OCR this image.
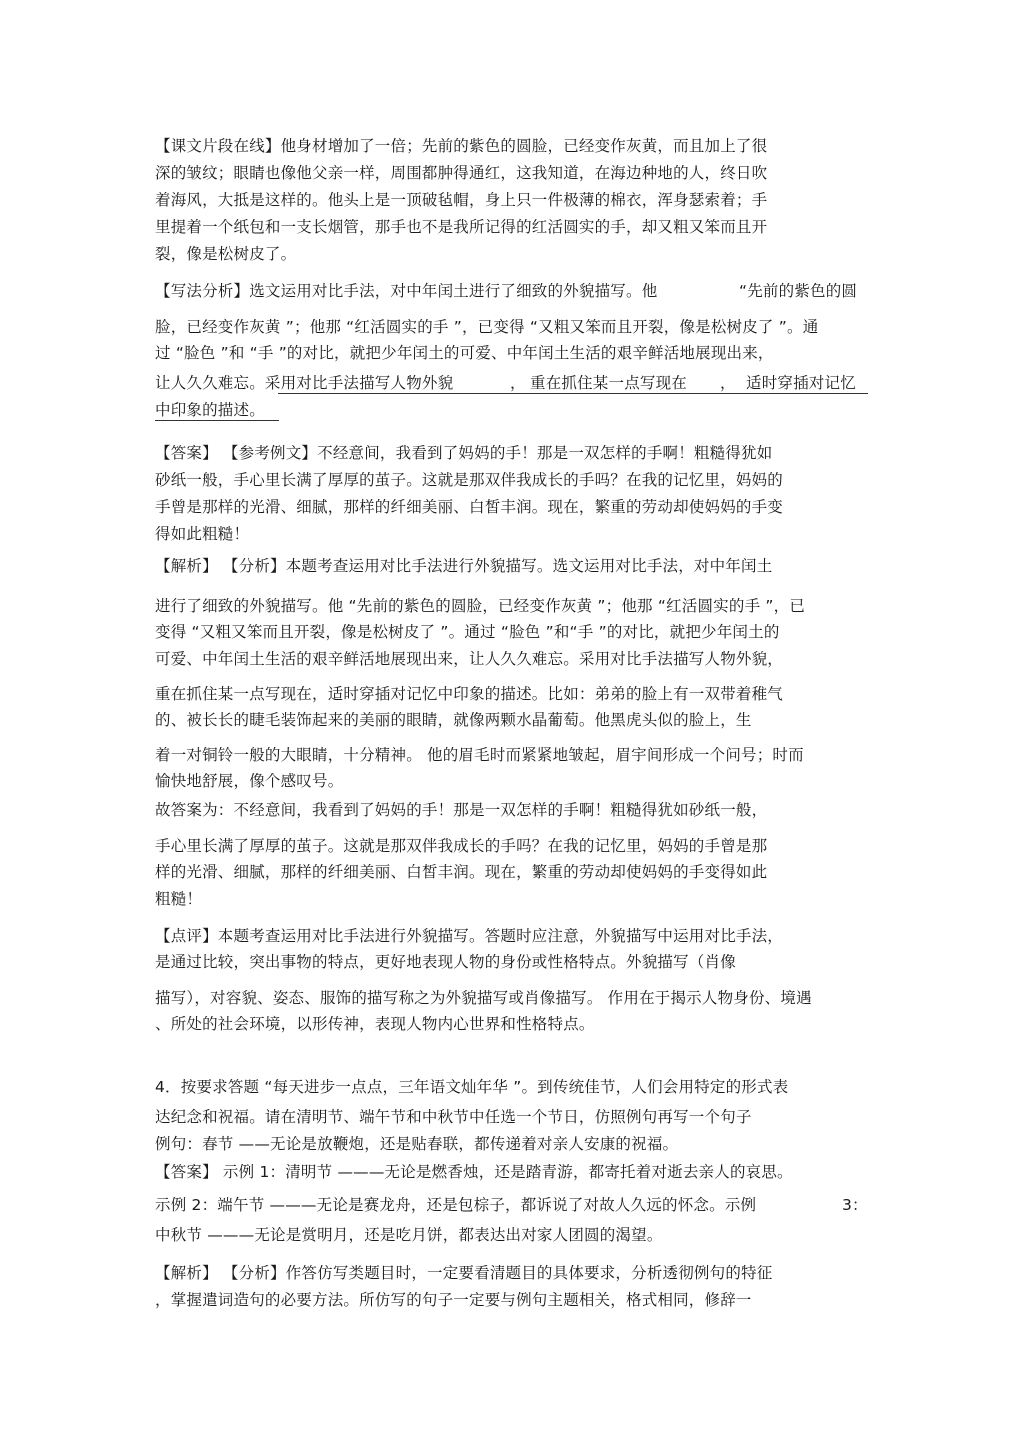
【课文片段在线】他身材增加了一倍；先前的紫色的圆脸，已经变作灰黄，而且加上了很
深的皱纹；眼睛也像他父亲一样，周围都肿得通红，这我知道，在海边种地的人，终日吹
着海风，大抵是这样的。他头上是一顶破毡帽，身上只一件极薄的棉衣，浑身瑟索着；手
里提着一个纸包和一支长烟管，那手也不是我所记得的红活圆实的手，却又粗又笨而且开
裂，像是松树皮了。
【写法分析】选文运用对比手法，对中年闰土进行了细致的外貌描写。他	“先前的紫色的圆
脸，已经变作灰黄 ”；他那 “红活圆实的手 ”，已变得 “又粗又笨而且开裂，像是松树皮了 ”。通
过 “脸色 ”和 “手 ”的对比，就把少年闰土的可爱、中年闰土生活的艰辛鲜活地展现出来，
让人久久难忘。采用对比手法描写人物外貌	， 重在抓住某一点写现在 ， 适时穿插对记忆
中印象的描述。
【答案】 【参考例文】不经意间，我看到了妈妈的手！那是一双怎样的手啊！粗糙得犹如
砂纸一般，手心里长满了厚厚的茧子。这就是那双伴我成长的手吗？在我的记忆里，妈妈的
手曾是那样的光滑、细腻，那样的纤细美丽、白皙丰润。现在，繁重的劳动却使妈妈的手变
得如此粗糙！
【解析】 【分析】本题考查运用对比手法进行外貌描写。选文运用对比手法，对中年闰土
进行了细致的外貌描写。他 “先前的紫色的圆脸，已经变作灰黄 ”；他那 “红活圆实的手 ”，已
变得 “又粗又笨而且开裂，像是松树皮了 ”。通过 “脸色 ”和“手 ”的对比，就把少年闰土的
可爱、中年闰土生活的艰辛鲜活地展现出来，让人久久难忘。采用对比手法描写人物外貌，
重在抓住某一点写现在，适时穿插对记忆中印象的描述。比如：弟弟的脸上有一双带着稚气
的、被长长的睫毛装饰起来的美丽的眼睛，就像两颗水晶葡萄。他黑虎头似的脸上，生
着一对铜铃一般的大眼睛，十分精神。 他的眉毛时而紧紧地皱起，眉宇间形成一个问号；时而
愉快地舒展，像个感叹号。
故答案为：不经意间，我看到了妈妈的手！那是一双怎样的手啊！粗糙得犹如砂纸一般，
手心里长满了厚厚的茧子。这就是那双伴我成长的手吗？在我的记忆里，妈妈的手曾是那
样的光滑、细腻，那样的纤细美丽、白皙丰润。现在，繁重的劳动却使妈妈的手变得如此
粗糙！
【点评】本题考查运用对比手法进行外貌描写。答题时应注意，外貌描写中运用对比手法，
是通过比较，突出事物的特点，更好地表现人物的身份或性格特点。外貌描写（肖像
描写），对容貌、姿态、服饰的描写称之为外貌描写或肖像描写。 作用在于揭示人物身份、境遇
、所处的社会环境，以形传神，表现人物内心世界和性格特点。
4．按要求答题 “每天进步一点点，三年语文灿年华 ”。到传统佳节，人们会用特定的形式表
达纪念和祝福。请在清明节、端午节和中秋节中任选一个节日，仿照例句再写一个句子
例句：春节 ——无论是放鞭炮，还是贴春联，都传递着对亲人安康的祝福。
【答案】 示例 1：清明节 ———无论是燃香烛，还是踏青游，都寄托着对逝去亲人的哀思。
示例 2：端午节 ———无论是赛龙舟，还是包棕子，都诉说了对故人久远的怀念。示例	3：
中秋节 ———无论是赏明月，还是吃月饼，都表达出对家人团圆的渴望。
【解析】 【分析】作答仿写类题目时，一定要看清题目的具体要求，分析透彻例句的特征
，掌握遣词造句的必要方法。所仿写的句子一定要与例句主题相关，格式相同，修辞一
